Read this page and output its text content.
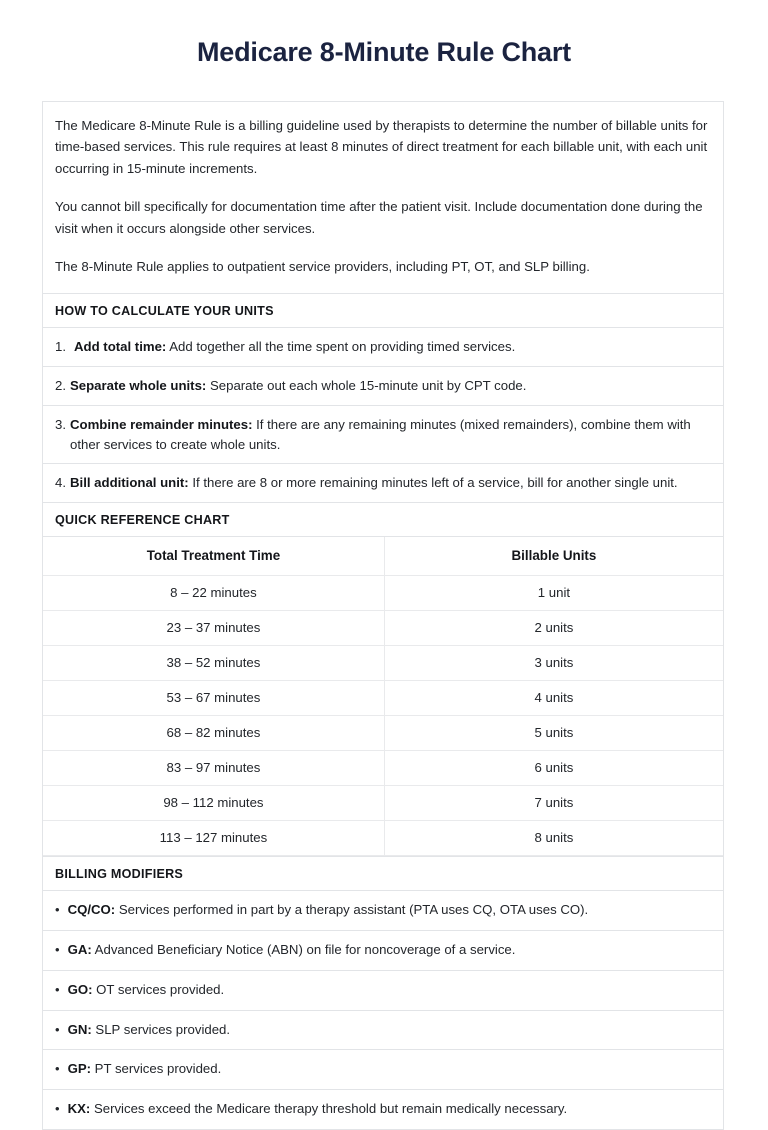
Medicare 8-Minute Rule Chart

The Medicare 8-Minute Rule is a billing guideline used by therapists to determine the number of billable units for time-based services. This rule requires at least 8 minutes of direct treatment for each billable unit, with each unit occurring in 15-minute increments.

You cannot bill specifically for documentation time after the patient visit. Include documentation done during the visit when it occurs alongside other services.

The 8-Minute Rule applies to outpatient service providers, including PT, OT, and SLP billing.

HOW TO CALCULATE YOUR UNITS
1. Add total time: Add together all the time spent on providing timed services.
2. Separate whole units: Separate out each whole 15-minute unit by CPT code.
3. Combine remainder minutes: If there are any remaining minutes (mixed remainders), combine them with other services to create whole units.
4. Bill additional unit: If there are 8 or more remaining minutes left of a service, bill for another single unit.
QUICK REFERENCE CHART
Total Treatment Time	Billable Units
8 – 22 minutes	1 unit
23 – 37 minutes	2 units
38 – 52 minutes	3 units
53 – 67 minutes	4 units
68 – 82 minutes	5 units
83 – 97 minutes	6 units
98 – 112 minutes	7 units
113 – 127 minutes	8 units
BILLING MODIFIERS
• CQ/CO: Services performed in part by a therapy assistant (PTA uses CQ, OTA uses CO).
• GA: Advanced Beneficiary Notice (ABN) on file for noncoverage of a service.
• GO: OT services provided.
• GN: SLP services provided.
• GP: PT services provided.
• KX: Services exceed the Medicare therapy threshold but remain medically necessary.
